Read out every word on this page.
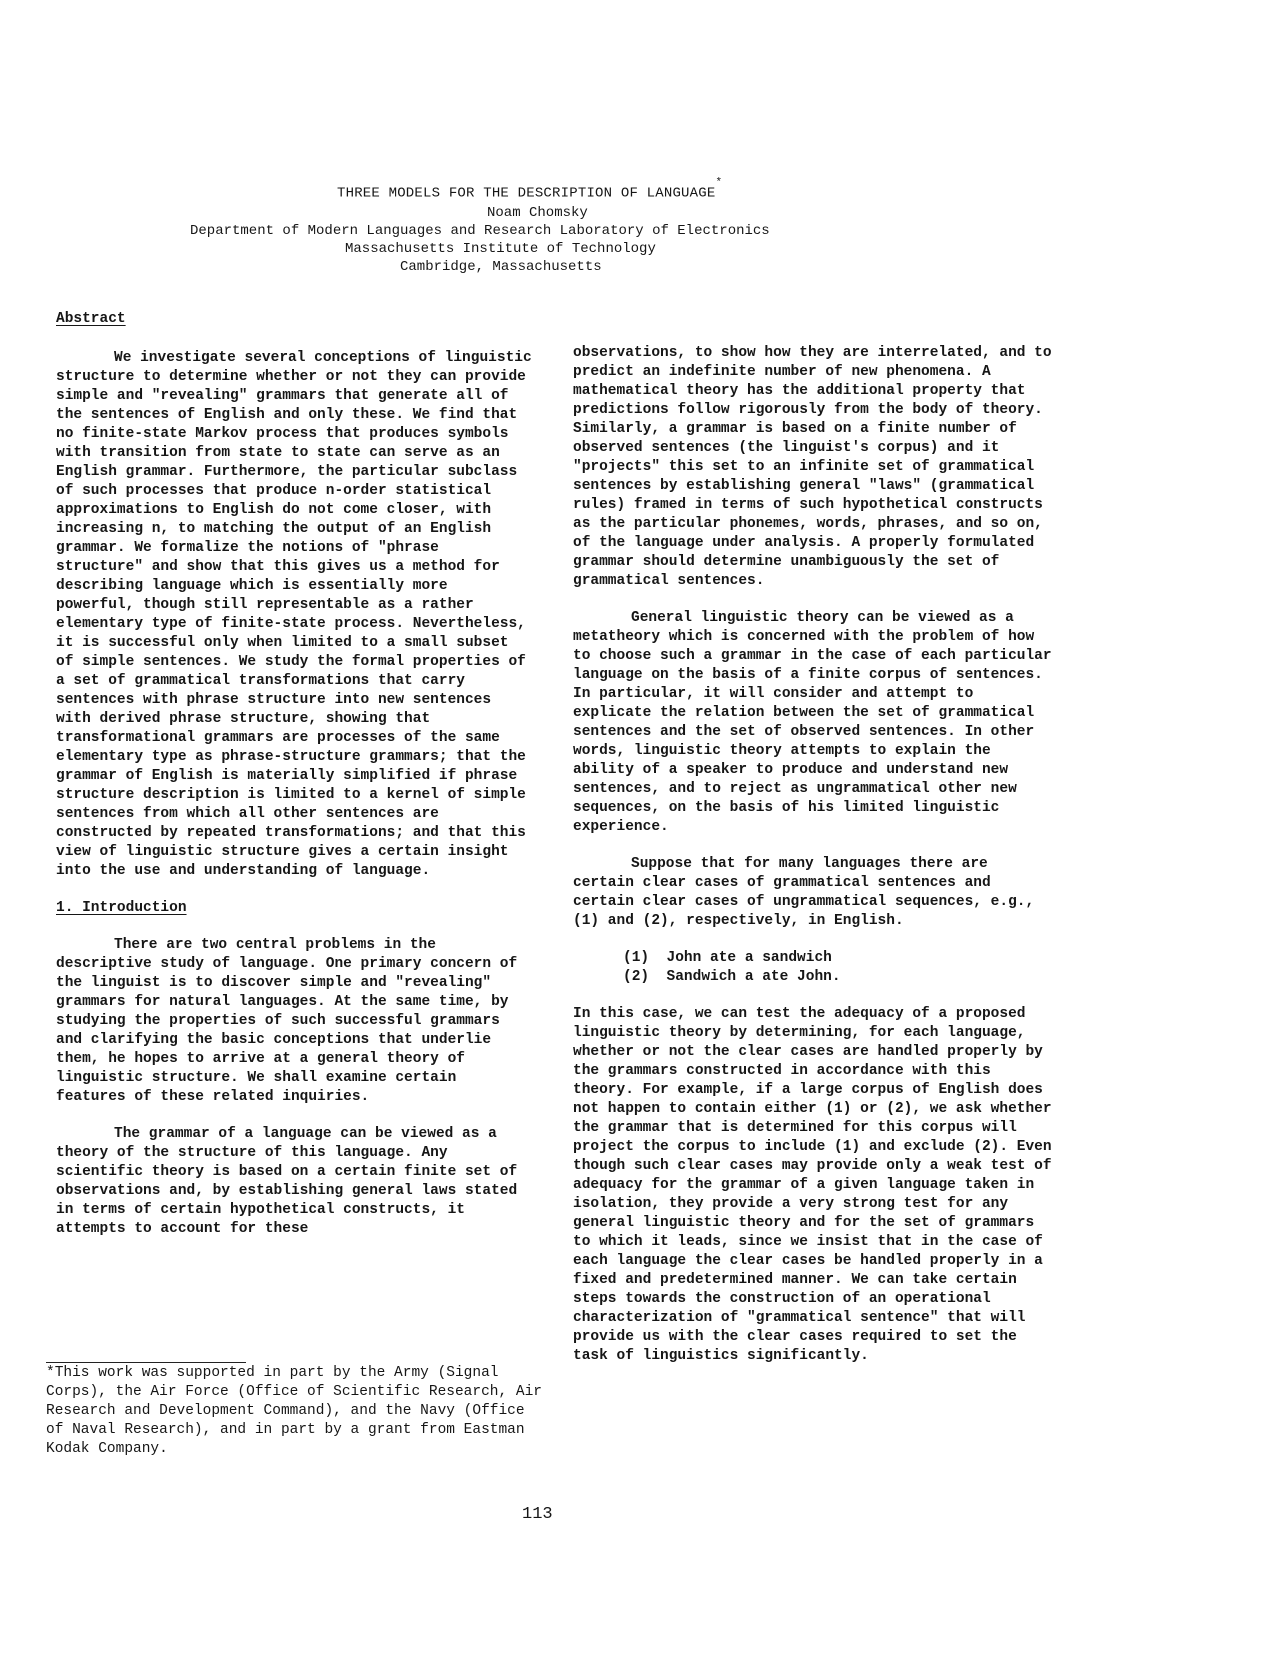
THREE MODELS FOR THE DESCRIPTION OF LANGUAGE*
Noam Chomsky
Department of Modern Languages and Research Laboratory of Electronics
Massachusetts Institute of Technology
Cambridge, Massachusetts
Abstract

We investigate several conceptions of linguistic structure to determine whether or not they can provide simple and "revealing" grammars that generate all of the sentences of English and only these. We find that no finite-state Markov process that produces symbols with transition from state to state can serve as an English grammar. Furthermore, the particular subclass of such processes that produce n-order statistical approximations to English do not come closer, with increasing n, to matching the output of an English grammar. We formalize the notions of "phrase structure" and show that this gives us a method for describing language which is essentially more powerful, though still representable as a rather elementary type of finite-state process. Nevertheless, it is successful only when limited to a small subset of simple sentences. We study the formal properties of a set of grammatical transformations that carry sentences with phrase structure into new sentences with derived phrase structure, showing that transformational grammars are processes of the same elementary type as phrase-structure grammars; that the grammar of English is materially simplified if phrase structure description is limited to a kernel of simple sentences from which all other sentences are constructed by repeated transformations; and that this view of linguistic structure gives a certain insight into the use and understanding of language.

1. Introduction

There are two central problems in the descriptive study of language. One primary concern of the linguist is to discover simple and "revealing" grammars for natural languages. At the same time, by studying the properties of such successful grammars and clarifying the basic conceptions that underlie them, he hopes to arrive at a general theory of linguistic structure. We shall examine certain features of these related inquiries.

The grammar of a language can be viewed as a theory of the structure of this language. Any scientific theory is based on a certain finite set of observations and, by establishing general laws stated in terms of certain hypothetical constructs, it attempts to account for these

observations, to show how they are interrelated, and to predict an indefinite number of new phenomena. A mathematical theory has the additional property that predictions follow rigorously from the body of theory. Similarly, a grammar is based on a finite number of observed sentences (the linguist's corpus) and it "projects" this set to an infinite set of grammatical sentences by establishing general "laws" (grammatical rules) framed in terms of such hypothetical constructs as the particular phonemes, words, phrases, and so on, of the language under analysis. A properly formulated grammar should determine unambiguously the set of grammatical sentences.

General linguistic theory can be viewed as a metatheory which is concerned with the problem of how to choose such a grammar in the case of each particular language on the basis of a finite corpus of sentences. In particular, it will consider and attempt to explicate the relation between the set of grammatical sentences and the set of observed sentences. In other words, linguistic theory attempts to explain the ability of a speaker to produce and understand new sentences, and to reject as ungrammatical other new sequences, on the basis of his limited linguistic experience.

Suppose that for many languages there are certain clear cases of grammatical sentences and certain clear cases of ungrammatical sequences, e.g., (1) and (2), respectively, in English.

(1) John ate a sandwich
(2) Sandwich a ate John.

In this case, we can test the adequacy of a proposed linguistic theory by determining, for each language, whether or not the clear cases are handled properly by the grammars constructed in accordance with this theory. For example, if a large corpus of English does not happen to contain either (1) or (2), we ask whether the grammar that is determined for this corpus will project the corpus to include (1) and exclude (2). Even though such clear cases may provide only a weak test of adequacy for the grammar of a given language taken in isolation, they provide a very strong test for any general linguistic theory and for the set of grammars to which it leads, since we insist that in the case of each language the clear cases be handled properly in a fixed and predetermined manner. We can take certain steps towards the construction of an operational characterization of "grammatical sentence" that will provide us with the clear cases required to set the task of linguistics significantly.

*This work was supported in part by the Army (Signal Corps), the Air Force (Office of Scientific Research, Air Research and Development Command), and the Navy (Office of Naval Research), and in part by a grant from Eastman Kodak Company.
113
